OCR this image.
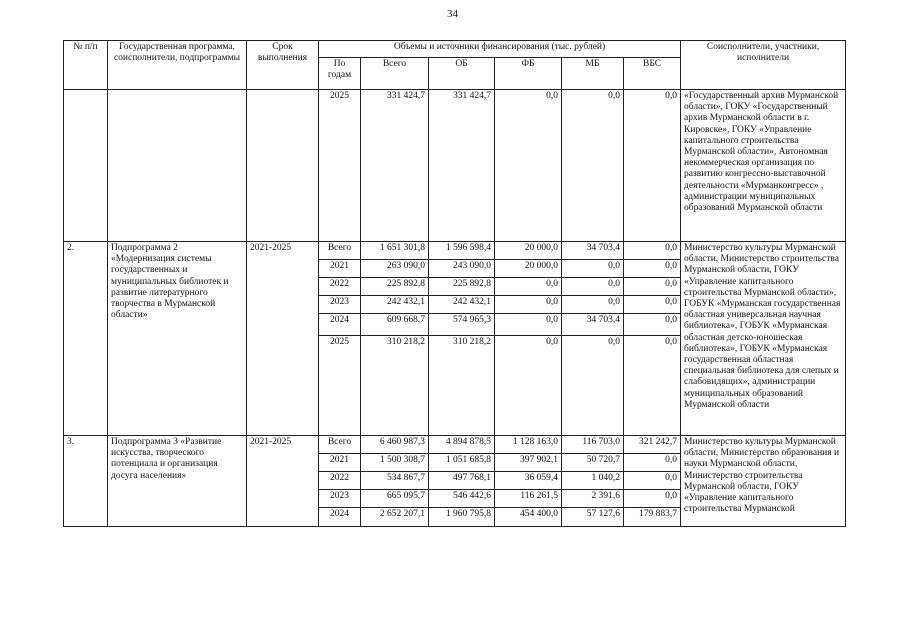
34
№ п/п	Государственная программа, соисполнители, подпрограммы	Срок выполнения	Объемы и источники финансирования (тыс. рублей)						Соисполнители, участники, исполнители
			По годам	Всего	ОБ	ФБ	МБ	ВБС	
			2025	331 424,7	331 424,7	0,0	0,0	0,0	«Государственный архив Мурманской области», ГОКУ «Государственный архив Мурманской области в г. Кировске», ГОКУ «Управление капитального строительства Мурманской области», Автономная некоммерческая организация по развитию конгрессно-выставочной деятельности «Мурманконгресс» , администрации муниципальных образований Мурманской области
2.	Подпрограмма 2 «Модернизация системы государственных и муниципальных библиотек и развитие литературного творчества в Мурманской области»	2021-2025	Всего	1 651 301,8	1 596 598,4	20 000,0	34 703,4	0,0	Министерство культуры Мурманской области, Министерство строительства Мурманской области, ГОКУ «Управление капитального строительства Мурманской области», ГОБУК «Мурманская государственная областная универсальная научная библиотека», ГОБУК «Мурманская областная детско-юношеская библиотека», ГОБУК «Мурманская государственная областная специальная библиотека для слепых и слабовидящих», администрации муниципальных образований Мурманской области
			2021	263 090,0	243 090,0	20 000,0	0,0	0,0	
			2022	225 892,8	225 892,8	0,0	0,0	0,0	
			2023	242 432,1	242 432,1	0,0	0,0	0,0	
			2024	609 668,7	574 965,3	0,0	34 703,4	0,0	
			2025	310 218,2	310 218,2	0,0	0,0	0,0	
3.	Подпрограмма 3 «Развитие искусства, творческого потенциала и организация досуга населения»	2021-2025	Всего	6 460 987,3	4 894 878,5	1 128 163,0	116 703,0	321 242,7	Министерство культуры Мурманской области, Министерство образования и науки Мурманской области, Министерство строительства Мурманской области, ГОКУ «Управление капитального строительства Мурманской
			2021	1 500 308,7	1 051 685,8	397 902,1	50 720,7	0,0	
			2022	534 867,7	497 768,1	36 059,4	1 040,2	0,0	
			2023	665 095,7	546 442,6	116 261,5	2 391,6	0,0	
			2024	2 652 207,1	1 960 795,8	454 400,0	57 127,6	179 883,7	
